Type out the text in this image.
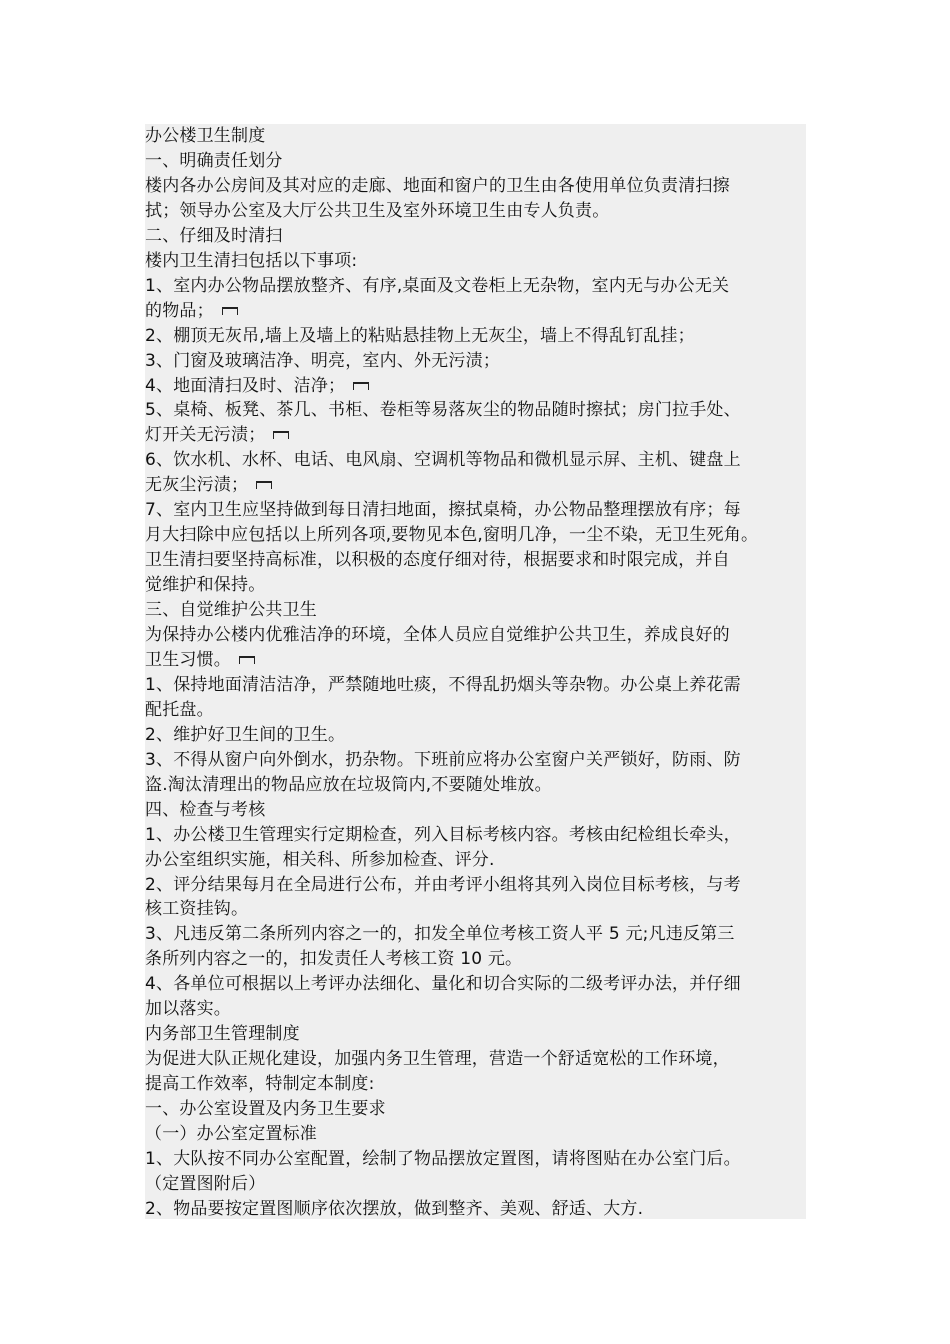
办公楼卫生制度
一、明确责任划分
楼内各办公房间及其对应的走廊、地面和窗户的卫生由各使用单位负责清扫擦
拭；领导办公室及大厅公共卫生及室外环境卫生由专人负责。
二、仔细及时清扫
楼内卫生清扫包括以下事项:
1、室内办公物品摆放整齐、有序,桌面及文卷柜上无杂物，室内无与办公无关
的物品；
2、棚顶无灰吊,墙上及墙上的粘贴悬挂物上无灰尘，墙上不得乱钉乱挂；
3、门窗及玻璃洁净、明亮，室内、外无污渍；
4、地面清扫及时、洁净；
5、桌椅、板凳、茶几、书柜、卷柜等易落灰尘的物品随时擦拭；房门拉手处、
灯开关无污渍；
6、饮水机、水杯、电话、电风扇、空调机等物品和微机显示屏、主机、键盘上
无灰尘污渍；
7、室内卫生应坚持做到每日清扫地面，擦拭桌椅，办公物品整理摆放有序；每
月大扫除中应包括以上所列各项,要物见本色,窗明几净，一尘不染，无卫生死角。
卫生清扫要坚持高标准，以积极的态度仔细对待，根据要求和时限完成，并自
觉维护和保持。
三、自觉维护公共卫生
为保持办公楼内优雅洁净的环境，全体人员应自觉维护公共卫生，养成良好的
卫生习惯。
1、保持地面清洁洁净，严禁随地吐痰，不得乱扔烟头等杂物。办公桌上养花需
配托盘。
2、维护好卫生间的卫生。
3、不得从窗户向外倒水，扔杂物。下班前应将办公室窗户关严锁好，防雨、防
盗.淘汰清理出的物品应放在垃圾筒内,不要随处堆放。
四、检查与考核
1、办公楼卫生管理实行定期检查，列入目标考核内容。考核由纪检组长牵头，
办公室组织实施，相关科、所参加检查、评分.
2、评分结果每月在全局进行公布，并由考评小组将其列入岗位目标考核，与考
核工资挂钩。
3、凡违反第二条所列内容之一的，扣发全单位考核工资人平 5 元;凡违反第三
条所列内容之一的，扣发责任人考核工资 10 元。
4、各单位可根据以上考评办法细化、量化和切合实际的二级考评办法，并仔细
加以落实。
内务部卫生管理制度
为促进大队正规化建设，加强内务卫生管理，营造一个舒适宽松的工作环境，
提高工作效率，特制定本制度:
一、办公室设置及内务卫生要求
（一）办公室定置标准
1、大队按不同办公室配置，绘制了物品摆放定置图，请将图贴在办公室门后。
（定置图附后）
2、物品要按定置图顺序依次摆放，做到整齐、美观、舒适、大方.
